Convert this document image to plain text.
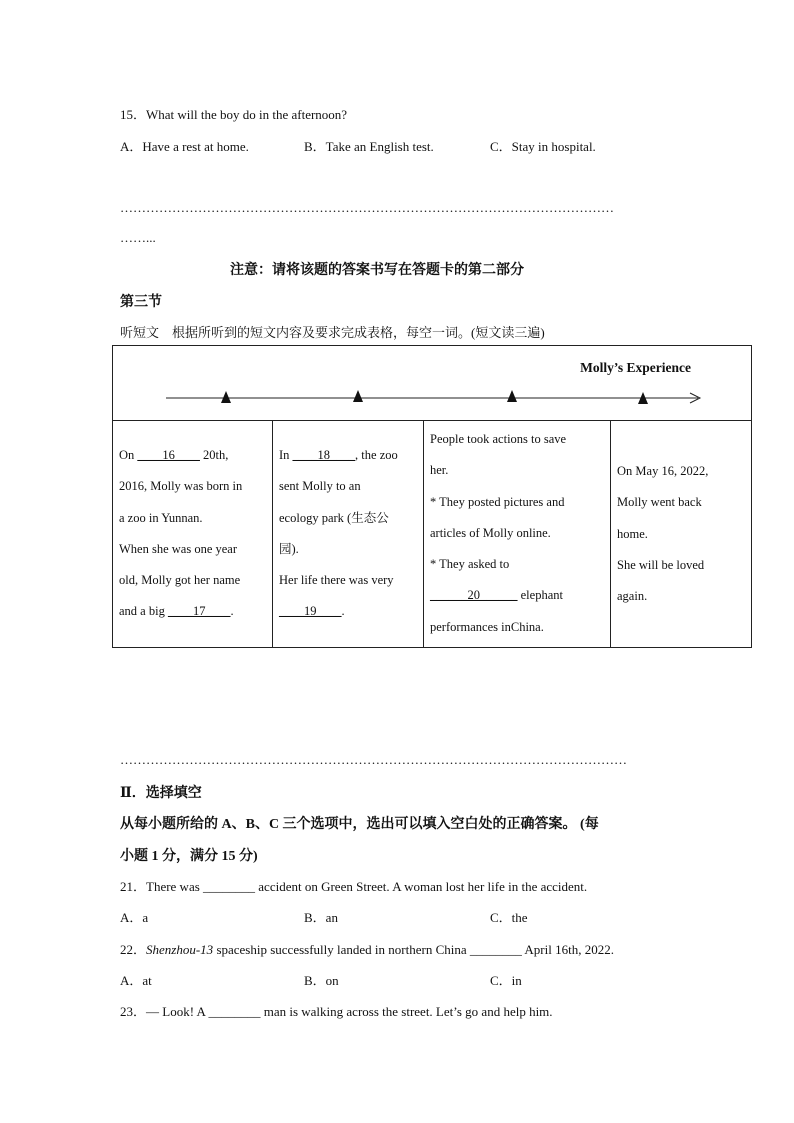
15．What will the boy do in the afternoon?
A．Have a rest at home.	B．Take an English test.	C．Stay in hospital.
……………………………………………………………………………………………………
……...
注意：请将该题的答案书写在答题卡的第二部分
第三节
听短文　根据所听到的短文内容及要求完成表格，每空一词。(短文读三遍)
Molly’s Experience
On ____16____ 20th,
2016, Molly was born in
a zoo in Yunnan.
When she was one year
old, Molly got her name
and a big ____17____.
In ____18____, the zoo
sent Molly to an
ecology park (生态公
园).
Her life there was very
____19____.
People took actions to save
her.
* They posted pictures and
articles of Molly online.
* They asked to
______20______ elephant
performances inChina.
On May 16, 2022,
Molly went back
home.
She will be loved
again.
………………………………………………………………………………………………………
Ⅱ．选择填空
从每小题所给的 A、B、C 三个选项中，选出可以填入空白处的正确答案。 (每
小题 1 分，满分 15 分)
21．There was ________ accident on Green Street. A woman lost her life in the accident.
A．a	B．an	C．the
22．Shenzhou-13 spaceship successfully landed in northern China ________ April 16th, 2022.
A．at	B．on	C．in
23．— Look! A ________ man is walking across the street. Let’s go and help him.
